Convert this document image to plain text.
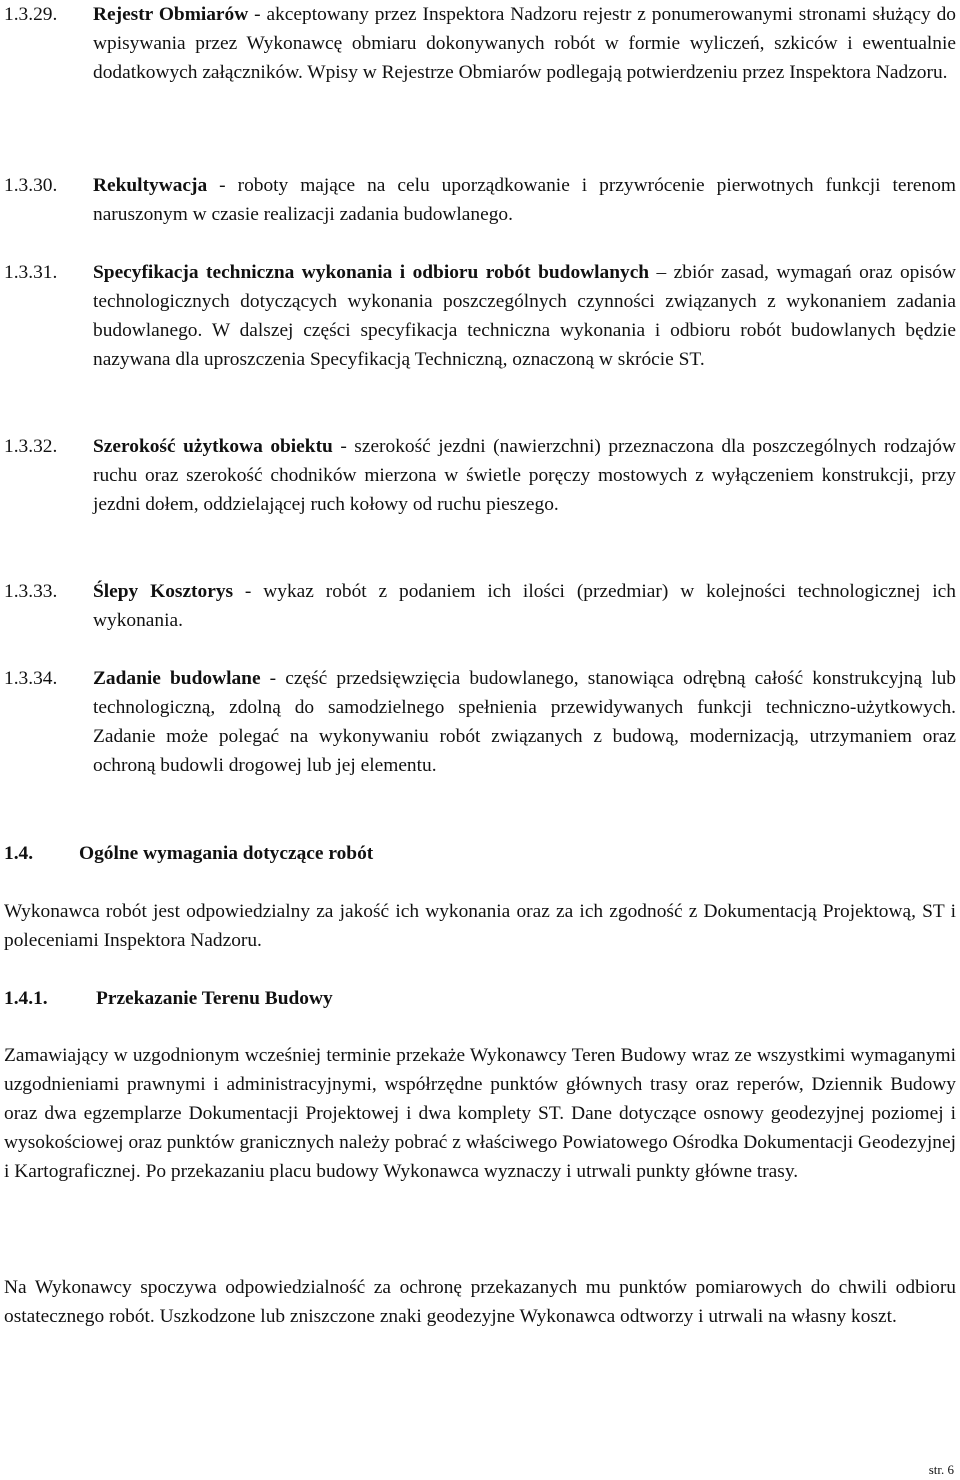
1.3.29.	Rejestr Obmiarów - akceptowany przez Inspektora Nadzoru rejestr z ponumerowanymi stronami służący do wpisywania przez Wykonawcę obmiaru dokonywanych robót w formie wyliczeń, szkiców i ewentualnie dodatkowych załączników. Wpisy w Rejestrze Obmiarów podlegają potwierdzeniu przez Inspektora Nadzoru.
1.3.30.	Rekultywacja - roboty mające na celu uporządkowanie i przywrócenie pierwotnych funkcji terenom naruszonym w czasie realizacji zadania budowlanego.
1.3.31.	Specyfikacja techniczna wykonania i odbioru robót budowlanych – zbiór zasad, wymagań oraz opisów technologicznych dotyczących wykonania poszczególnych czynności związanych z wykonaniem zadania budowlanego. W dalszej części specyfikacja techniczna wykonania i odbioru robót budowlanych będzie nazywana dla uproszczenia Specyfikacją Techniczną, oznaczoną w skrócie ST.
1.3.32.	Szerokość użytkowa obiektu - szerokość jezdni (nawierzchni) przeznaczona dla poszczególnych rodzajów ruchu oraz szerokość chodników mierzona w świetle poręczy mostowych z wyłączeniem konstrukcji, przy jezdni dołem, oddzielającej ruch kołowy od ruchu pieszego.
1.3.33.	Ślepy Kosztorys - wykaz robót z podaniem ich ilości (przedmiar) w kolejności technologicznej ich wykonania.
1.3.34.	Zadanie budowlane - część przedsięwzięcia budowlanego, stanowiąca odrębną całość konstrukcyjną lub technologiczną, zdolną do samodzielnego spełnienia przewidywanych funkcji techniczno-użytkowych. Zadanie może polegać na wykonywaniu robót związanych z budową, modernizacją, utrzymaniem oraz ochroną budowli drogowej lub jej elementu.
1.4. Ogólne wymagania dotyczące robót
Wykonawca robót jest odpowiedzialny za jakość ich wykonania oraz za ich zgodność z Dokumentacją Projektową, ST i poleceniami Inspektora Nadzoru.
1.4.1. Przekazanie Terenu Budowy
Zamawiający w uzgodnionym wcześniej terminie przekaże Wykonawcy Teren Budowy wraz ze wszystkimi wymaganymi uzgodnieniami prawnymi i administracyjnymi, współrzędne punktów głównych trasy oraz reperów, Dziennik Budowy oraz dwa egzemplarze Dokumentacji Projektowej i dwa komplety ST. Dane dotyczące osnowy geodezyjnej poziomej i wysokościowej oraz punktów granicznych należy pobrać z właściwego Powiatowego Ośrodka Dokumentacji Geodezyjnej i Kartograficznej. Po przekazaniu placu budowy Wykonawca wyznaczy i utrwali punkty główne trasy.
Na Wykonawcy spoczywa odpowiedzialność za ochronę przekazanych mu punktów pomiarowych do chwili odbioru ostatecznego robót. Uszkodzone lub zniszczone znaki geodezyjne Wykonawca odtworzy i utrwali na własny koszt.
str. 6
